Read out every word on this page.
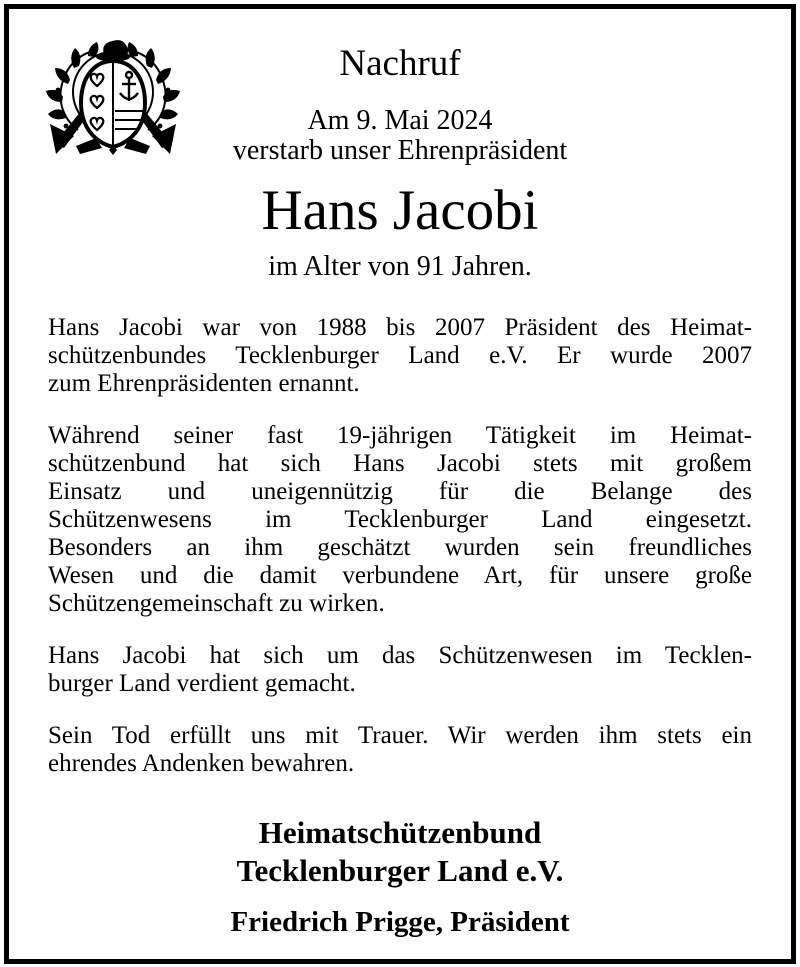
Nachruf
Am 9. Mai 2024
verstarb unser Ehrenpräsident
Hans Jacobi
im Alter von 91 Jahren.
Hans Jacobi war von 1988 bis 2007 Präsident des Heimat-
schützenbundes Tecklenburger Land e.V. Er wurde 2007
zum Ehrenpräsidenten ernannt.
Während seiner fast 19-jährigen Tätigkeit im Heimat-
schützenbund hat sich Hans Jacobi stets mit großem
Einsatz und uneigennützig für die Belange des
Schützenwesens im Tecklenburger Land eingesetzt.
Besonders an ihm geschätzt wurden sein freundliches
Wesen und die damit verbundene Art, für unsere große
Schützengemeinschaft zu wirken.
Hans Jacobi hat sich um das Schützenwesen im Tecklen-
burger Land verdient gemacht.
Sein Tod erfüllt uns mit Trauer. Wir werden ihm stets ein
ehrendes Andenken bewahren.
Heimatschützenbund
Tecklenburger Land e.V.
Friedrich Prigge, Präsident
